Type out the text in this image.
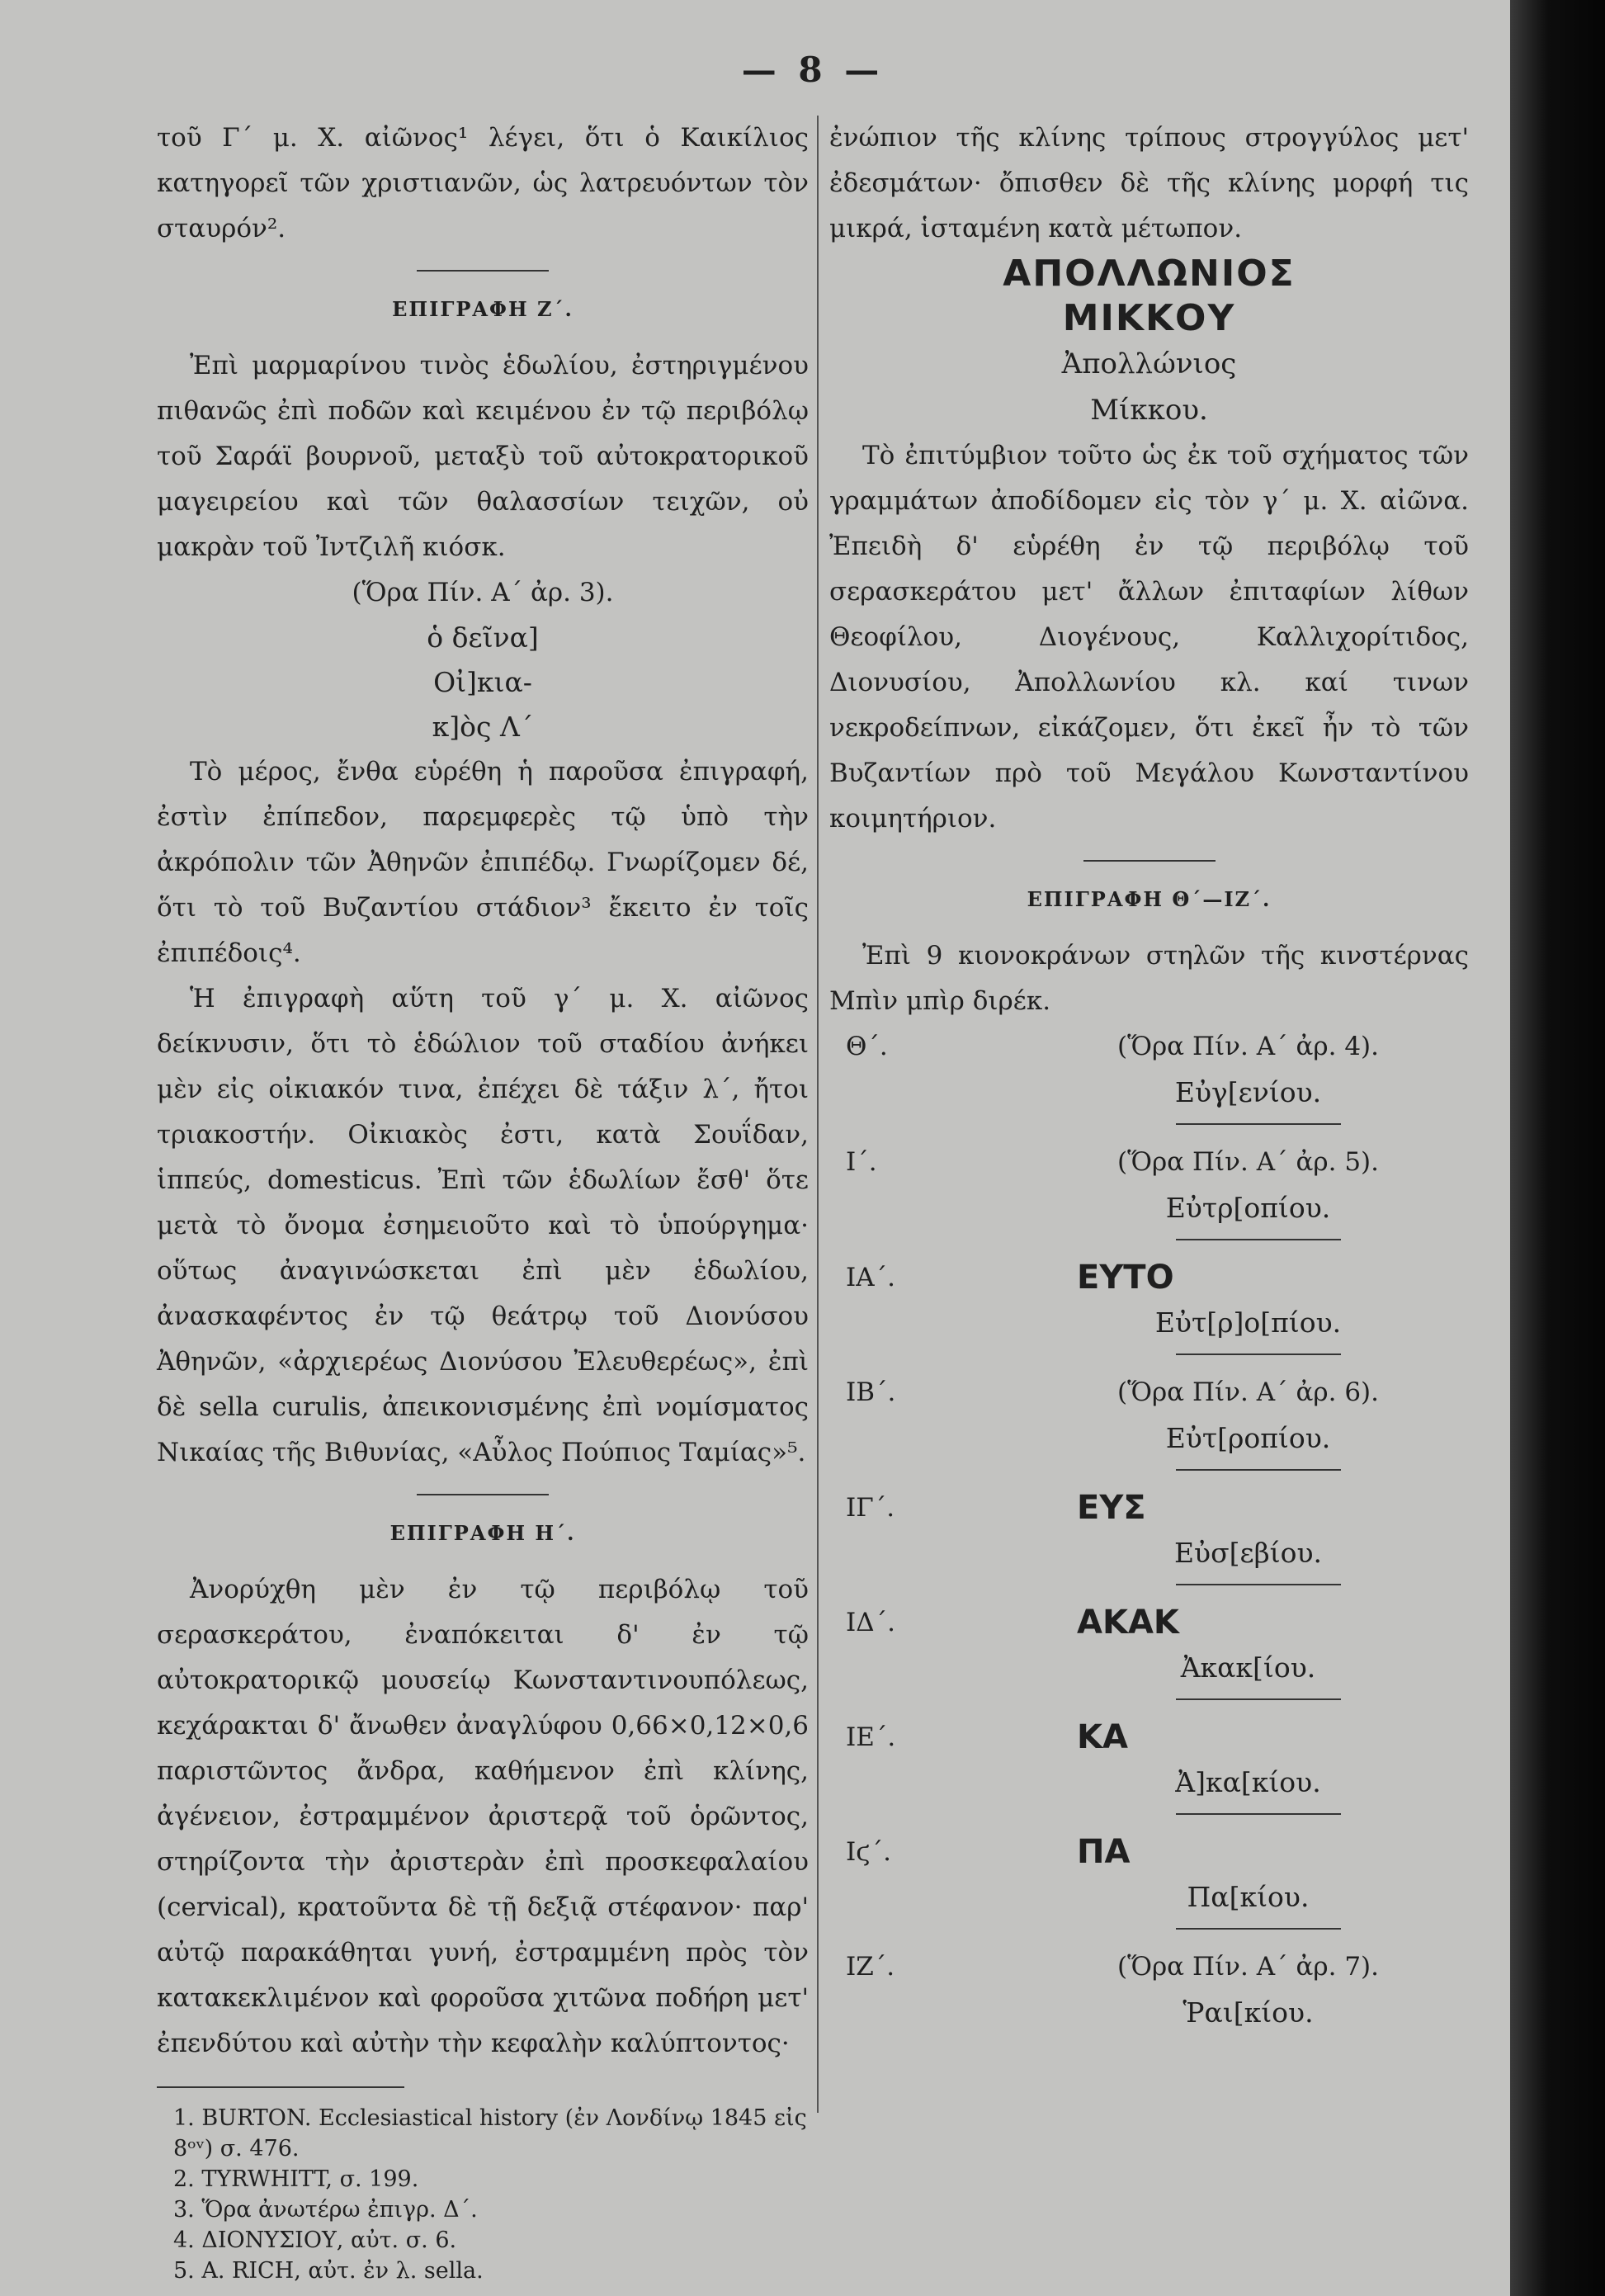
— 8 —

τοῦ Γ΄ μ. Χ. αἰῶνος¹ λέγει, ὅτι ὁ Καικίλιος κατηγορεῖ τῶν χριστιανῶν, ὡς λατρευόντων τὸν σταυρόν².

ΕΠΙΓΡΑΦΗ Ζ΄.

Ἐπὶ μαρμαρίνου τινὸς ἑδωλίου, ἐστηριγμένου πιθανῶς ἐπὶ ποδῶν καὶ κειμένου ἐν τῷ περιβόλῳ τοῦ Σαράϊ βουρνοῦ, μεταξὺ τοῦ αὐτοκρατορικοῦ μαγειρείου καὶ τῶν θαλασσίων τειχῶν, οὐ μακρὰν τοῦ Ἰντζιλῆ κιόσκ.

(Ὅρα Πίν. Α΄ ἀρ. 3).
ὁ δεῖνα]
Οἰ]κια-
κ]ὸς Λ΄

Τὸ μέρος, ἔνθα εὑρέθη ἡ παροῦσα ἐπιγραφή, ἐστὶν ἐπίπεδον, παρεμφερὲς τῷ ὑπὸ τὴν ἀκρόπολιν τῶν Ἀθηνῶν ἐπιπέδῳ. Γνωρίζομεν δέ, ὅτι τὸ τοῦ Βυζαντίου στάδιον³ ἔκειτο ἐν τοῖς ἐπιπέδοις⁴.

Ἡ ἐπιγραφὴ αὕτη τοῦ γ΄ μ. Χ. αἰῶνος δείκνυσιν, ὅτι τὸ ἑδώλιον τοῦ σταδίου ἀνήκει μὲν εἰς οἰκιακόν τινα, ἐπέχει δὲ τάξιν λ΄, ἤτοι τριακοστήν. Οἰκιακὸς ἐστι, κατὰ Σουΐδαν, ἱππεύς, domesticus. Ἐπὶ τῶν ἑδωλίων ἔσθ' ὅτε μετὰ τὸ ὄνομα ἐσημειοῦτο καὶ τὸ ὑπούργημα· οὕτως ἀναγινώσκεται ἐπὶ μὲν ἑδωλίου, ἀνασκαφέντος ἐν τῷ θεάτρῳ τοῦ Διονύσου Ἀθηνῶν, «ἀρχιερέως Διονύσου Ἐλευθερέως», ἐπὶ δὲ sella curulis, ἀπεικονισμένης ἐπὶ νομίσματος Νικαίας τῆς Βιθυνίας, «Αὖλος Πούπιος Ταμίας»⁵.

ΕΠΙΓΡΑΦΗ Η΄.

Ἀνορύχθη μὲν ἐν τῷ περιβόλῳ τοῦ σερασκεράτου, ἐναπόκειται δ' ἐν τῷ αὐτοκρατορικῷ μουσείῳ Κωνσταντινουπόλεως, κεχάρακται δ' ἄνωθεν ἀναγλύφου 0,66×0,12×0,6 παριστῶντος ἄνδρα, καθήμενον ἐπὶ κλίνης, ἀγένειον, ἐστραμμένον ἀριστερᾷ τοῦ ὁρῶντος, στηρίζοντα τὴν ἀριστερὰν ἐπὶ προσκεφαλαίου (cervical), κρατοῦντα δὲ τῇ δεξιᾷ στέφανον· παρ' αὐτῷ παρακάθηται γυνή, ἐστραμμένη πρὸς τὸν κατακεκλιμένον καὶ φοροῦσα χιτῶνα ποδήρη μετ' ἐπενδύτου καὶ αὐτὴν τὴν κεφαλὴν καλύπτοντος·

1. BURTON. Ecclesiastical history (ἐν Λονδίνῳ 1845 εἰς 8ᵒᵛ) σ. 476.
2. TYRWHITT, σ. 199.
3. Ὅρα ἀνωτέρω ἐπιγρ. Δ΄.
4. ΔΙΟΝΥΣΙΟΥ, αὐτ. σ. 6.
5. A. RICH, αὐτ. ἐν λ. sella.

ἐνώπιον τῆς κλίνης τρίπους στρογγύλος μετ' ἐδεσμάτων· ὄπισθεν δὲ τῆς κλίνης μορφή τις μικρά, ἱσταμένη κατὰ μέτωπον.

ΑΠΟΛΛΩΝΙΟΣ
ΜΙΚΚΟΥ
Ἀπολλώνιος
Μίκκου.

Τὸ ἐπιτύμβιον τοῦτο ὡς ἐκ τοῦ σχήματος τῶν γραμμάτων ἀποδίδομεν εἰς τὸν γ΄ μ. Χ. αἰῶνα. Ἐπειδὴ δ' εὑρέθη ἐν τῷ περιβόλῳ τοῦ σερασκεράτου μετ' ἄλλων ἐπιταφίων λίθων Θεοφίλου, Διογένους, Καλλιχορίτιδος, Διονυσίου, Ἀπολλωνίου κλ. καί τινων νεκροδείπνων, εἰκάζομεν, ὅτι ἐκεῖ ἦν τὸ τῶν Βυζαντίων πρὸ τοῦ Μεγάλου Κωνσταντίνου κοιμητήριον.

ΕΠΙΓΡΑΦΗ Θ΄—ΙΖ΄.

Ἐπὶ 9 κιονοκράνων στηλῶν τῆς κινστέρνας Μπὶν μπὶρ διρέκ.

Θ΄.	(Ὅρα Πίν. Α΄ ἀρ. 4).
Εὐγ[ενίου.
Ι΄.	(Ὅρα Πίν. Α΄ ἀρ. 5).
Εὐτρ[οπίου.
ΙΑ΄.	ΕΥΤΟ
Εὐτ[ρ]ο[πίου.
ΙΒ΄.	(Ὅρα Πίν. Α΄ ἀρ. 6).
Εὐτ[ροπίου.
ΙΓ΄.	ΕΥΣ
Εὐσ[εβίου.
ΙΔ΄.	ΑΚΑΚ
Ἀκακ[ίου.
ΙΕ΄.	ΚΑ
Ἀ]κα[κίου.
Ιϛ΄.	ΠΑ
Πα[κίου.
ΙΖ΄.	(Ὅρα Πίν. Α΄ ἀρ. 7).
Ῥαι[κίου.
